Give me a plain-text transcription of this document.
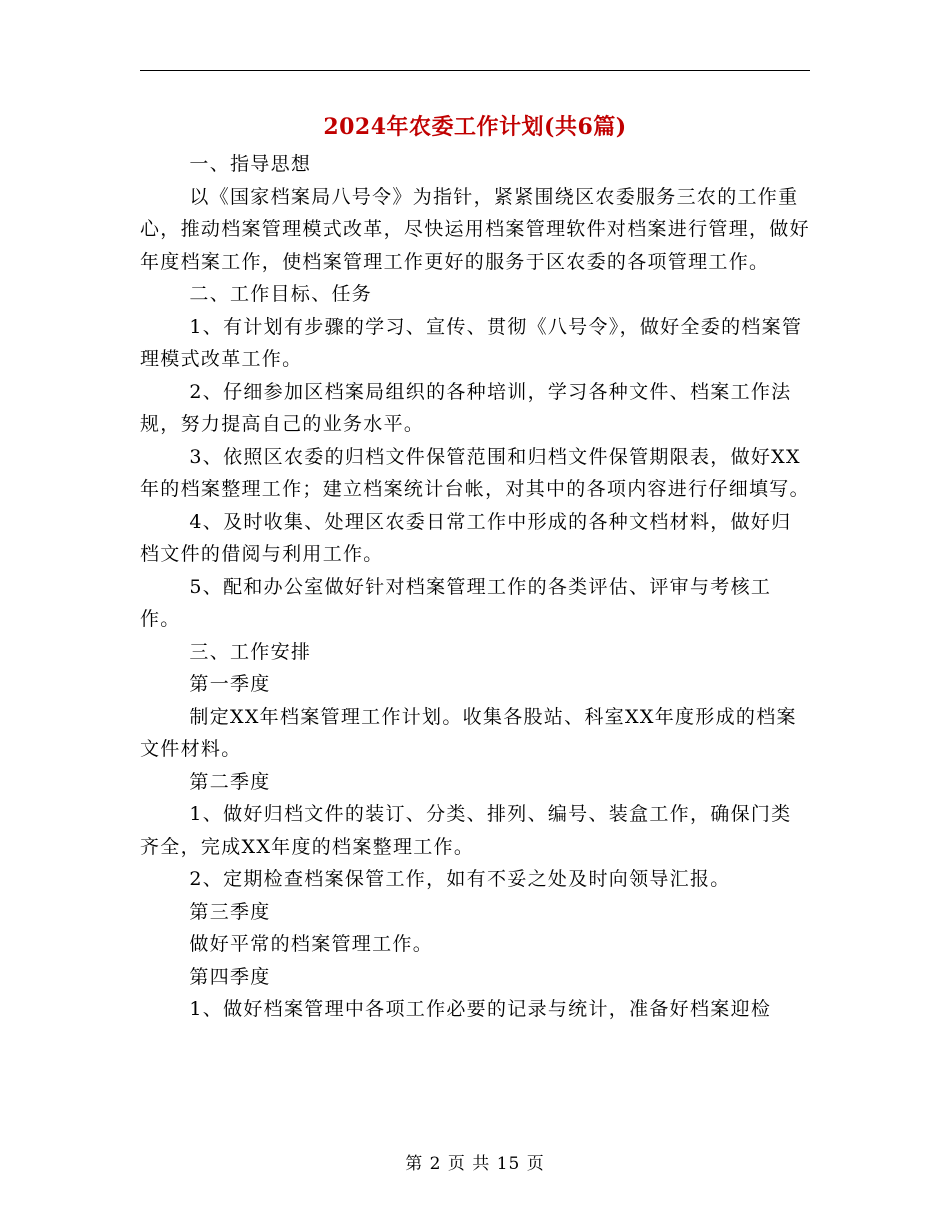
2024年农委工作计划(共6篇)

一、指导思想

以《国家档案局八号令》为指针，紧紧围绕区农委服务三农的工作重心，推动档案管理模式改革，尽快运用档案管理软件对档案进行管理，做好年度档案工作，使档案管理工作更好的服务于区农委的各项管理工作。

二、工作目标、任务

1、有计划有步骤的学习、宣传、贯彻《八号令》，做好全委的档案管理模式改革工作。

2、仔细参加区档案局组织的各种培训，学习各种文件、档案工作法规，努力提高自己的业务水平。

3、依照区农委的归档文件保管范围和归档文件保管期限表，做好XX年的档案整理工作；建立档案统计台帐，对其中的各项内容进行仔细填写。

4、及时收集、处理区农委日常工作中形成的各种文档材料，做好归档文件的借阅与利用工作。

5、配和办公室做好针对档案管理工作的各类评估、评审与考核工作。

三、工作安排

第一季度

制定XX年档案管理工作计划。收集各股站、科室XX年度形成的档案文件材料。

第二季度

1、做好归档文件的装订、分类、排列、编号、装盒工作，确保门类齐全，完成XX年度的档案整理工作。

2、定期检查档案保管工作，如有不妥之处及时向领导汇报。

第三季度

做好平常的档案管理工作。

第四季度

1、做好档案管理中各项工作必要的记录与统计，准备好档案迎检

第 2 页 共 15 页
